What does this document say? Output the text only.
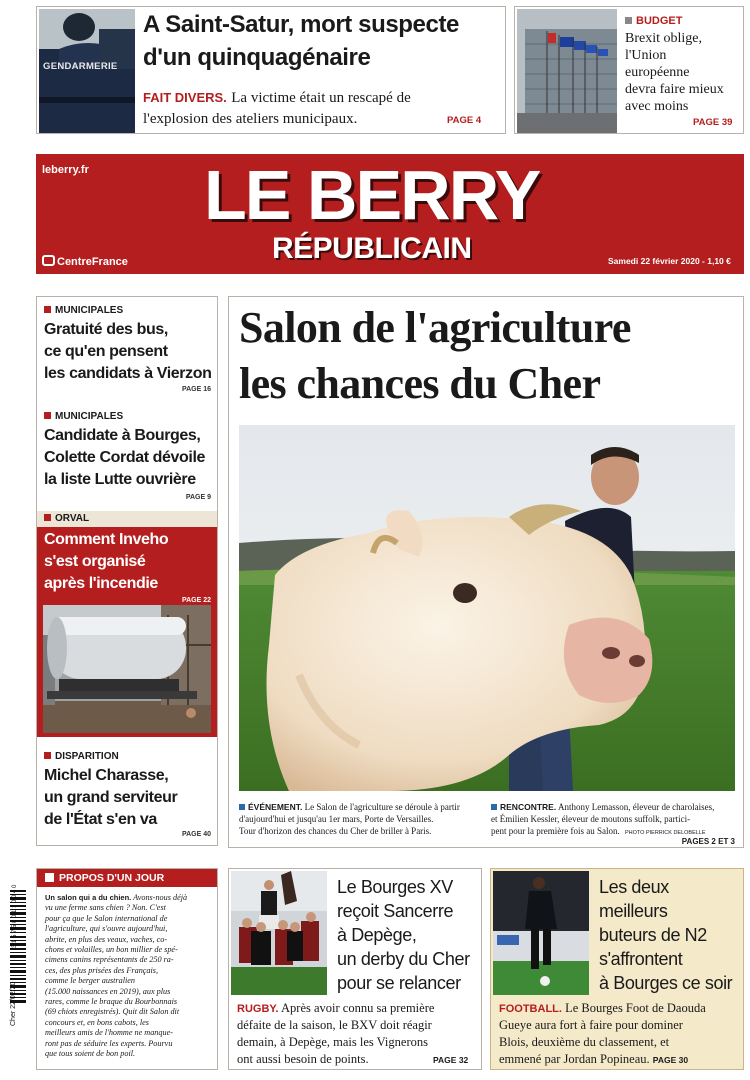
GENDARMERIE
A Saint-Satur, mort suspecte
d'un quinquagénaire
FAIT DIVERS. La victime était un rescapé de
l'explosion des ateliers municipaux.	PAGE 4
BUDGET
Brexit oblige,
l'Union
européenne
devra faire mieux
avec moins
PAGE 39
leberry.fr LE BERRY
RÉPUBLICAIN
CentreFrance	Samedi 22 février 2020 - 1,10 €
MUNICIPALES
Gratuité des bus,
ce qu'en pensent
les candidats à Vierzon
PAGE 16
MUNICIPALES
Candidate à Bourges,
Colette Cordat dévoile
la liste Lutte ouvrière
PAGE 9
ORVAL
Comment Inveho
s'est organisé
après l'incendie
PAGE 22
DISPARITION
Michel Charasse,
un grand serviteur
de l'État s'en va
PAGE 40
Salon de l'agriculture
les chances du Cher
ÉVÉNEMENT. Le Salon de l'agriculture se déroule à partir
d'aujourd'hui et jusqu'au 1er mars, Porte de Versailles.
Tour d'horizon des chances du Cher de briller à Paris.
RENCONTRE. Anthony Lemasson, éleveur de charolaises,
et Émilien Kessler, éleveur de moutons suffolk, partici-
pent pour la première fois au Salon. PHOTO PIERRICK DELOBELLE
PAGES 2 ET 3
3 1 5 7 5 8 0 1 1 0 0 4 0
Cher 22/02/20
PROPOS D'UN JOUR
Un salon qui a du chien. Avons-nous déjà
vu une ferme sans chien ? Non. C'est
pour ça que le Salon international de
l'agriculture, qui s'ouvre aujourd'hui,
abrite, en plus des veaux, vaches, co-
chons et volailles, un bon millier de spé-
cimens canins représentants de 250 ra-
ces, des plus prisées des Français,
comme le berger australien
(15.000 naissances en 2019), aux plus
rares, comme le braque du Bourbonnais
(69 chiots enregistrés). Quit dit Salon dit
concours et, en bons cabots, les
meilleurs amis de l'homme ne manque-
ront pas de séduire les experts. Pourvu
que tous soient de bon poil.
Le Bourges XV
reçoit Sancerre
à Depège,
un derby du Cher
pour se relancer
RUGBY. Après avoir connu sa première
défaite de la saison, le BXV doit réagir
demain, à Depège, mais les Vignerons
ont aussi besoin de points.	PAGE 32
Les deux
meilleurs
buteurs de N2
s'affrontent
à Bourges ce soir
FOOTBALL. Le Bourges Foot de Daouda
Gueye aura fort à faire pour dominer
Blois, deuxième du classement, et
emmené par Jordan Popineau. PAGE 30
